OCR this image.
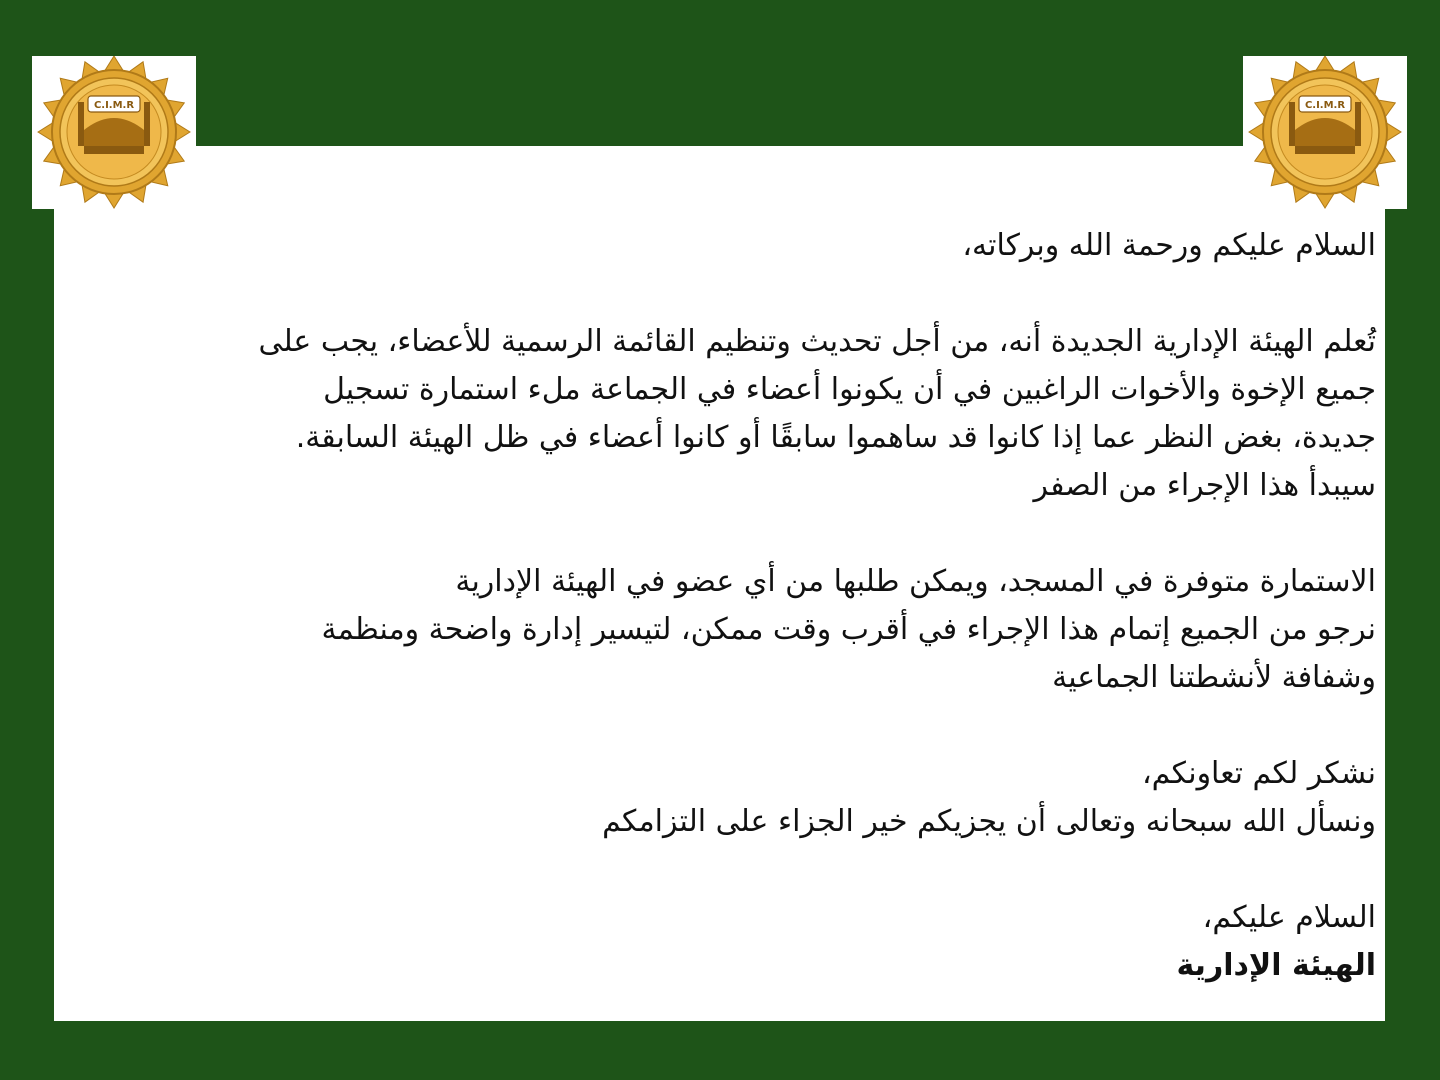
C.I.M.R	C.I.M.R

السلام عليكم ورحمة الله وبركاته،

تُعلم الهيئة الإدارية الجديدة أنه، من أجل تحديث وتنظيم القائمة الرسمية للأعضاء، يجب على
جميع الإخوة والأخوات الراغبين في أن يكونوا أعضاء في الجماعة ملء استمارة تسجيل
جديدة، بغض النظر عما إذا كانوا قد ساهموا سابقًا أو كانوا أعضاء في ظل الهيئة السابقة.
سيبدأ هذا الإجراء من الصفر

الاستمارة متوفرة في المسجد، ويمكن طلبها من أي عضو في الهيئة الإدارية
نرجو من الجميع إتمام هذا الإجراء في أقرب وقت ممكن، لتيسير إدارة واضحة ومنظمة
وشفافة لأنشطتنا الجماعية

نشكر لكم تعاونكم،
ونسأل الله سبحانه وتعالى أن يجزيكم خير الجزاء على التزامكم

السلام عليكم،
الهيئة الإدارية
